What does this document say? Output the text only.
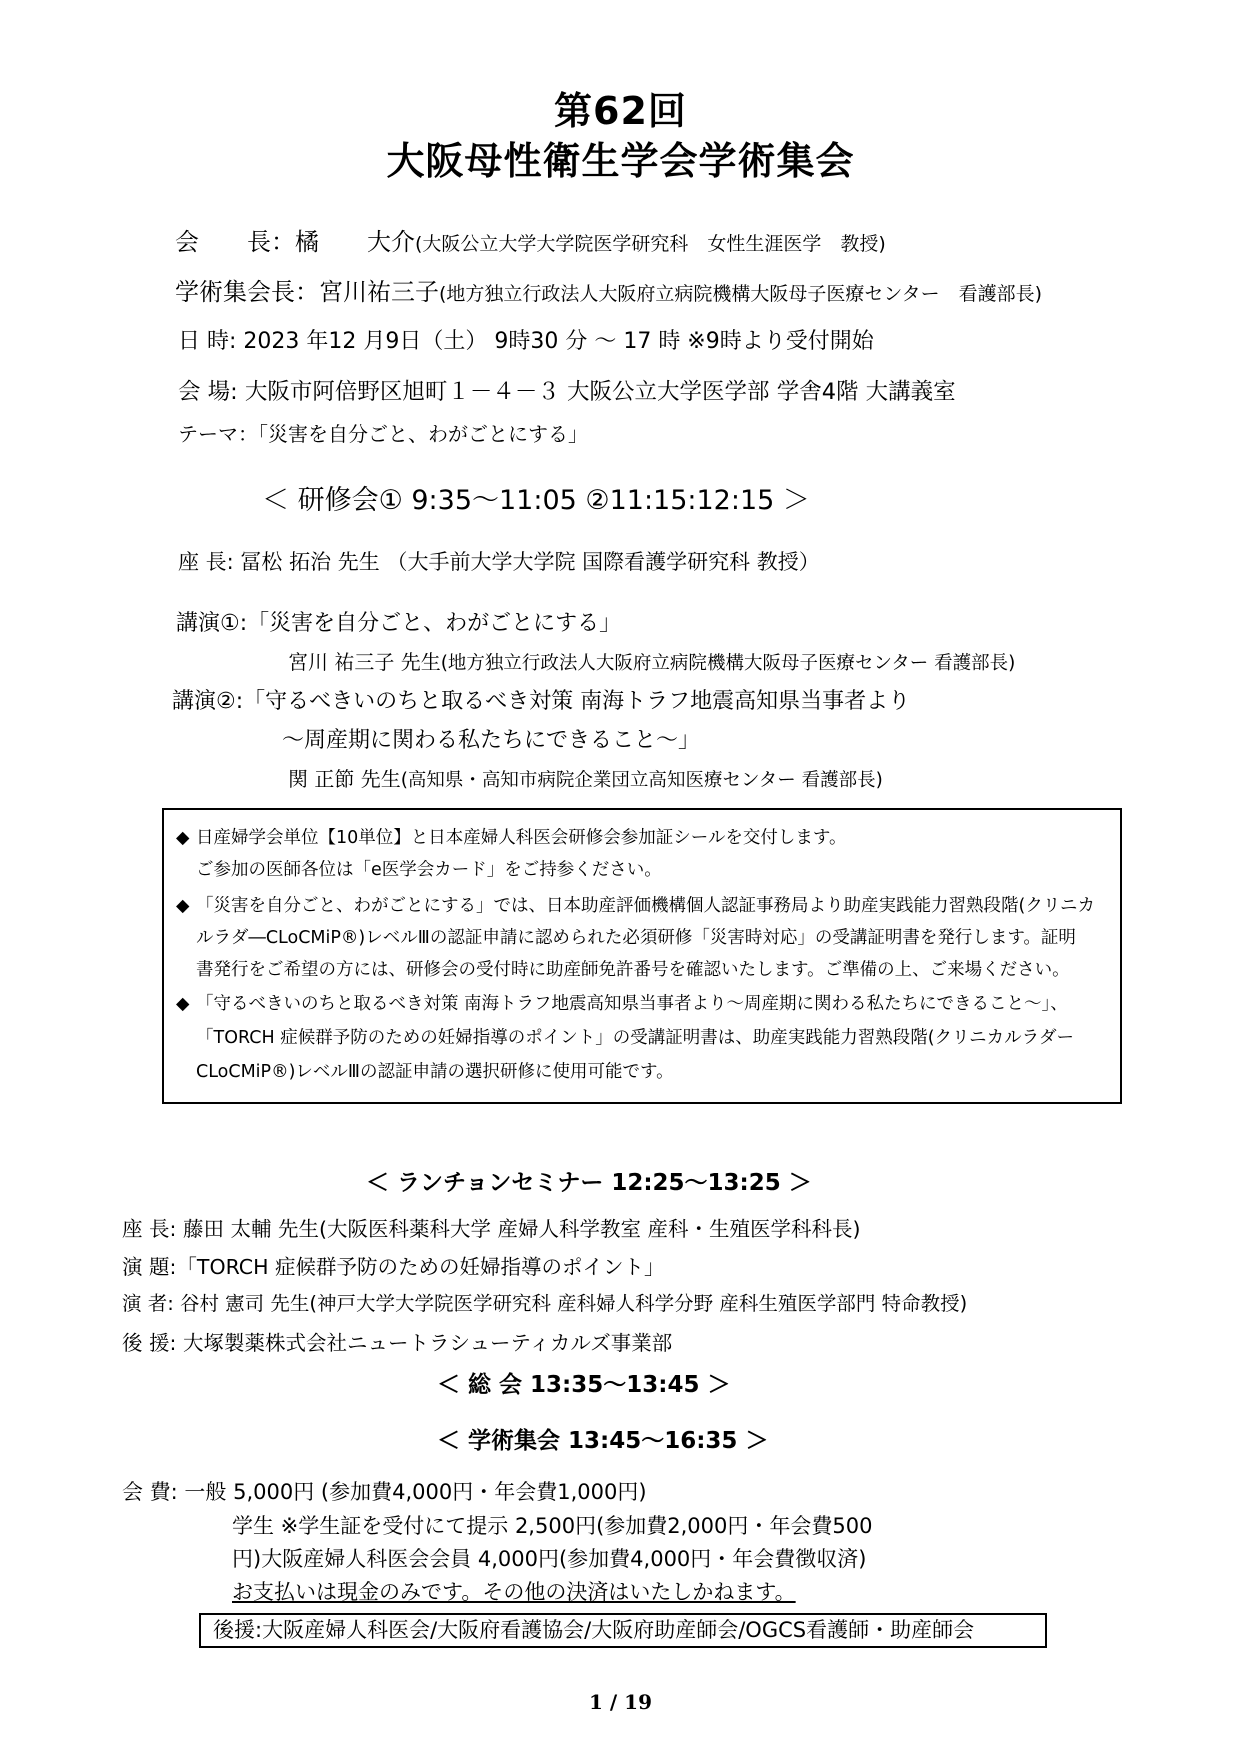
第62回
大阪母性衛生学会学術集会
会　　長：橘　　大介(大阪公立大学大学院医学研究科　女性生涯医学　教授)
学術集会長：宮川祐三子(地方独立行政法人大阪府立病院機構大阪母子医療センター　看護部長)
日 時: 2023 年12 月9日（土） 9時30 分 ～ 17 時 ※9時より受付開始
会 場: 大阪市阿倍野区旭町１－４－３ 大阪公立大学医学部 学舎4階 大講義室
テーマ：「災害を自分ごと、わがごとにする」
＜ 研修会① 9:35～11:05 ②11:15:12:15 ＞
座 長: 冨松 拓治 先生 （大手前大学大学院 国際看護学研究科 教授）
講演①:「災害を自分ごと、わがごとにする」
宮川 祐三子 先生(地方独立行政法人大阪府立病院機構大阪母子医療センター 看護部長)
講演②:「守るべきいのちと取るべき対策 南海トラフ地震高知県当事者より
～周産期に関わる私たちにできること～」
関 正節 先生(高知県・高知市病院企業団立高知医療センター 看護部長)
◆ 日産婦学会単位【10単位】と日本産婦人科医会研修会参加証シールを交付します。
ご参加の医師各位は「e医学会カード」をご持参ください。
◆ 「災害を自分ごと、わがごとにする」では、日本助産評価機構個人認証事務局より助産実践能力習熟段階(クリニカ
ルラダ―CLoCMiP®)レベルⅢの認証申請に認められた必須研修「災害時対応」の受講証明書を発行します。証明
書発行をご希望の方には、研修会の受付時に助産師免許番号を確認いたします。ご準備の上、ご来場ください。
◆ 「守るべきいのちと取るべき対策 南海トラフ地震高知県当事者より～周産期に関わる私たちにできること～」、
「TORCH 症候群予防のための妊婦指導のポイント」の受講証明書は、助産実践能力習熟段階(クリニカルラダー
CLoCMiP®)レベルⅢの認証申請の選択研修に使用可能です。
＜ ランチョンセミナー 12:25～13:25 ＞
座 長: 藤田 太輔 先生(大阪医科薬科大学 産婦人科学教室 産科・生殖医学科科長)
演 題:「TORCH 症候群予防のための妊婦指導のポイント」
演 者: 谷村 憲司 先生(神戸大学大学院医学研究科 産科婦人科学分野 産科生殖医学部門 特命教授)
後 援: 大塚製薬株式会社ニュートラシューティカルズ事業部
＜ 総 会 13:35～13:45 ＞
＜ 学術集会 13:45～16:35 ＞
会 費: 一般 5,000円 (参加費4,000円・年会費1,000円)
学生 ※学生証を受付にて提示 2,500円(参加費2,000円・年会費500
円)大阪産婦人科医会会員 4,000円(参加費4,000円・年会費徴収済)
お支払いは現金のみです。その他の決済はいたしかねます。
後援:大阪産婦人科医会/大阪府看護協会/大阪府助産師会/OGCS看護師・助産師会
1 / 19
